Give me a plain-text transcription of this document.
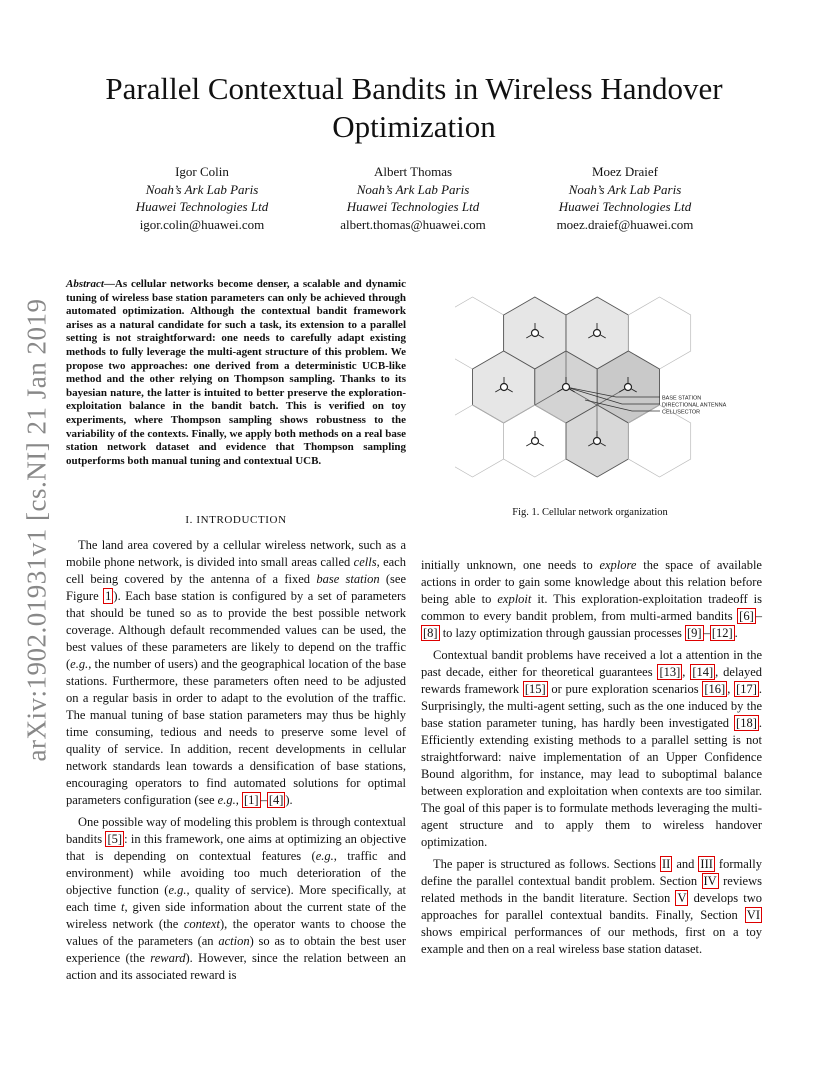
arXiv:1902.01931v1 [cs.NI] 21 Jan 2019
Parallel Contextual Bandits in Wireless Handover Optimization
Igor Colin
Noah’s Ark Lab Paris
Huawei Technologies Ltd
igor.colin@huawei.com
Albert Thomas
Noah’s Ark Lab Paris
Huawei Technologies Ltd
albert.thomas@huawei.com
Moez Draief
Noah’s Ark Lab Paris
Huawei Technologies Ltd
moez.draief@huawei.com
Abstract—As cellular networks become denser, a scalable and dynamic tuning of wireless base station parameters can only be achieved through automated optimization. Although the contextual bandit framework arises as a natural candidate for such a task, its extension to a parallel setting is not straightforward: one needs to carefully adapt existing methods to fully leverage the multi-agent structure of this problem. We propose two approaches: one derived from a deterministic UCB-like method and the other relying on Thompson sampling. Thanks to its bayesian nature, the latter is intuited to better preserve the exploration-exploitation balance in the bandit batch. This is verified on toy experiments, where Thompson sampling shows robustness to the variability of the contexts. Finally, we apply both methods on a real base station network dataset and evidence that Thompson sampling outperforms both manual tuning and contextual UCB.
I. INTRODUCTION
BASE STATION
DIRECTIONAL ANTENNA
CELL/SECTOR
Fig. 1. Cellular network organization

The land area covered by a cellular wireless network, such as a mobile phone network, is divided into small areas called cells, each cell being covered by the antenna of a fixed base station (see Figure 1 ). Each base station is configured by a set of parameters that should be tuned so as to provide the best possible network coverage. Although default recommended values can be used, the best values of these parameters are likely to depend on the traffic (e.g., the number of users) and the geographical location of the base stations. Furthermore, these parameters often need to be adjusted on a regular basis in order to adapt to the evolution of the traffic. The manual tuning of base station parameters may thus be highly time consuming, tedious and needs to preserve some level of quality of service. In addition, recent developments in cellular network standards lean towards a densification of base stations, encouraging operators to find automated solutions for optimal parameters configuration (see e.g., [1] – [4] ).

One possible way of modeling this problem is through contextual bandits [5] : in this framework, one aims at optimizing an objective that is depending on contextual features (e.g., traffic and environment) while avoiding too much deterioration of the objective function (e.g., quality of service). More specifically, at each time t, given side information about the current state of the wireless network (the context), the operator wants to choose the values of the parameters (an action) so as to obtain the best user experience (the reward). However, since the relation between an action and its associated reward is

initially unknown, one needs to explore the space of available actions in order to gain some knowledge about this relation before being able to exploit it. This exploration-exploitation tradeoff is common to every bandit problem, from multi-armed bandits [6] –[8] to lazy optimization through gaussian processes [9] – [12] .

Contextual bandit problems have received a lot a attention in the past decade, either for theoretical guarantees [13] , [14] , delayed rewards framework [15] or pure exploration scenarios [16] , [17] . Surprisingly, the multi-agent setting, such as the one induced by the base station parameter tuning, has hardly been investigated [18] . Efficiently extending existing methods to a parallel setting is not straightforward: naive implementation of an Upper Confidence Bound algorithm, for instance, may lead to suboptimal balance between exploration and exploitation when contexts are too similar. The goal of this paper is to formulate methods leveraging the multi-agent structure and to apply them to wireless handover optimization.

The paper is structured as follows. Sections II and III formally define the parallel contextual bandit problem. Section IV reviews related methods in the bandit literature. Section V develops two approaches for parallel contextual bandits. Finally, Section VI shows empirical performances of our methods, first on a toy example and then on a real wireless base station dataset.
